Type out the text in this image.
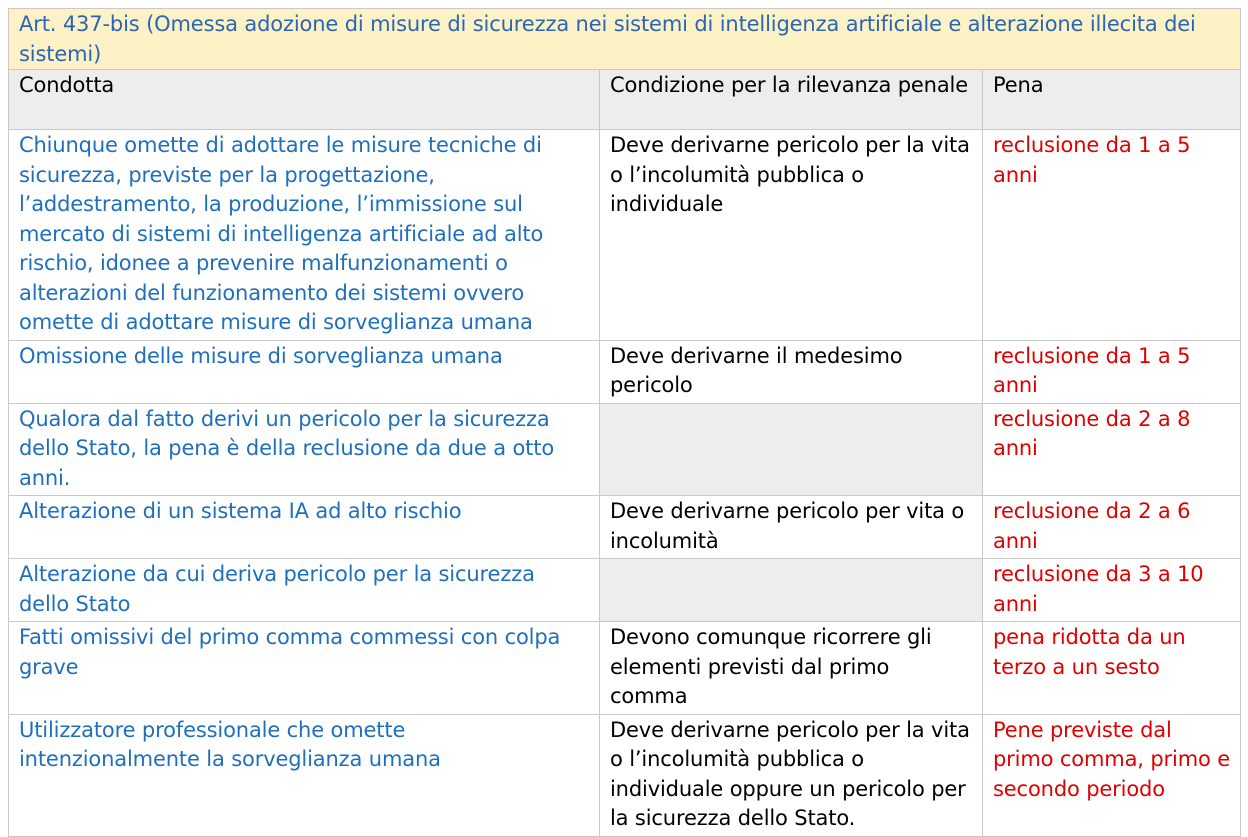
Art. 437-bis (Omessa adozione di misure di sicurezza nei sistemi di intelligenza artificiale e alterazione illecita dei sistemi)		
Condotta	Condizione per la rilevanza penale	Pena
Chiunque omette di adottare le misure tecniche di sicurezza, previste per la progettazione, l’addestramento, la produzione, l’immissione sul mercato di sistemi di intelligenza artificiale ad alto rischio, idonee a prevenire malfunzionamenti o alterazioni del funzionamento dei sistemi ovvero omette di adottare misure di sorveglianza umana	Deve derivarne pericolo per la vita o l’incolumità pubblica o individuale	reclusione da 1 a 5 anni
Omissione delle misure di sorveglianza umana	Deve derivarne il medesimo pericolo	reclusione da 1 a 5 anni
Qualora dal fatto derivi un pericolo per la sicurezza dello Stato, la pena è della reclusione da due a otto anni.		reclusione da 2 a 8 anni
Alterazione di un sistema IA ad alto rischio	Deve derivarne pericolo per vita o incolumità	reclusione da 2 a 6 anni
Alterazione da cui deriva pericolo per la sicurezza dello Stato		reclusione da 3 a 10 anni
Fatti omissivi del primo comma commessi con colpa grave	Devono comunque ricorrere gli elementi previsti dal primo comma	pena ridotta da un terzo a un sesto
Utilizzatore professionale che omette intenzionalmente la sorveglianza umana	Deve derivarne pericolo per la vita o l’incolumità pubblica o individuale oppure un pericolo per la sicurezza dello Stato.	Pene previste dal primo comma, primo e secondo periodo
